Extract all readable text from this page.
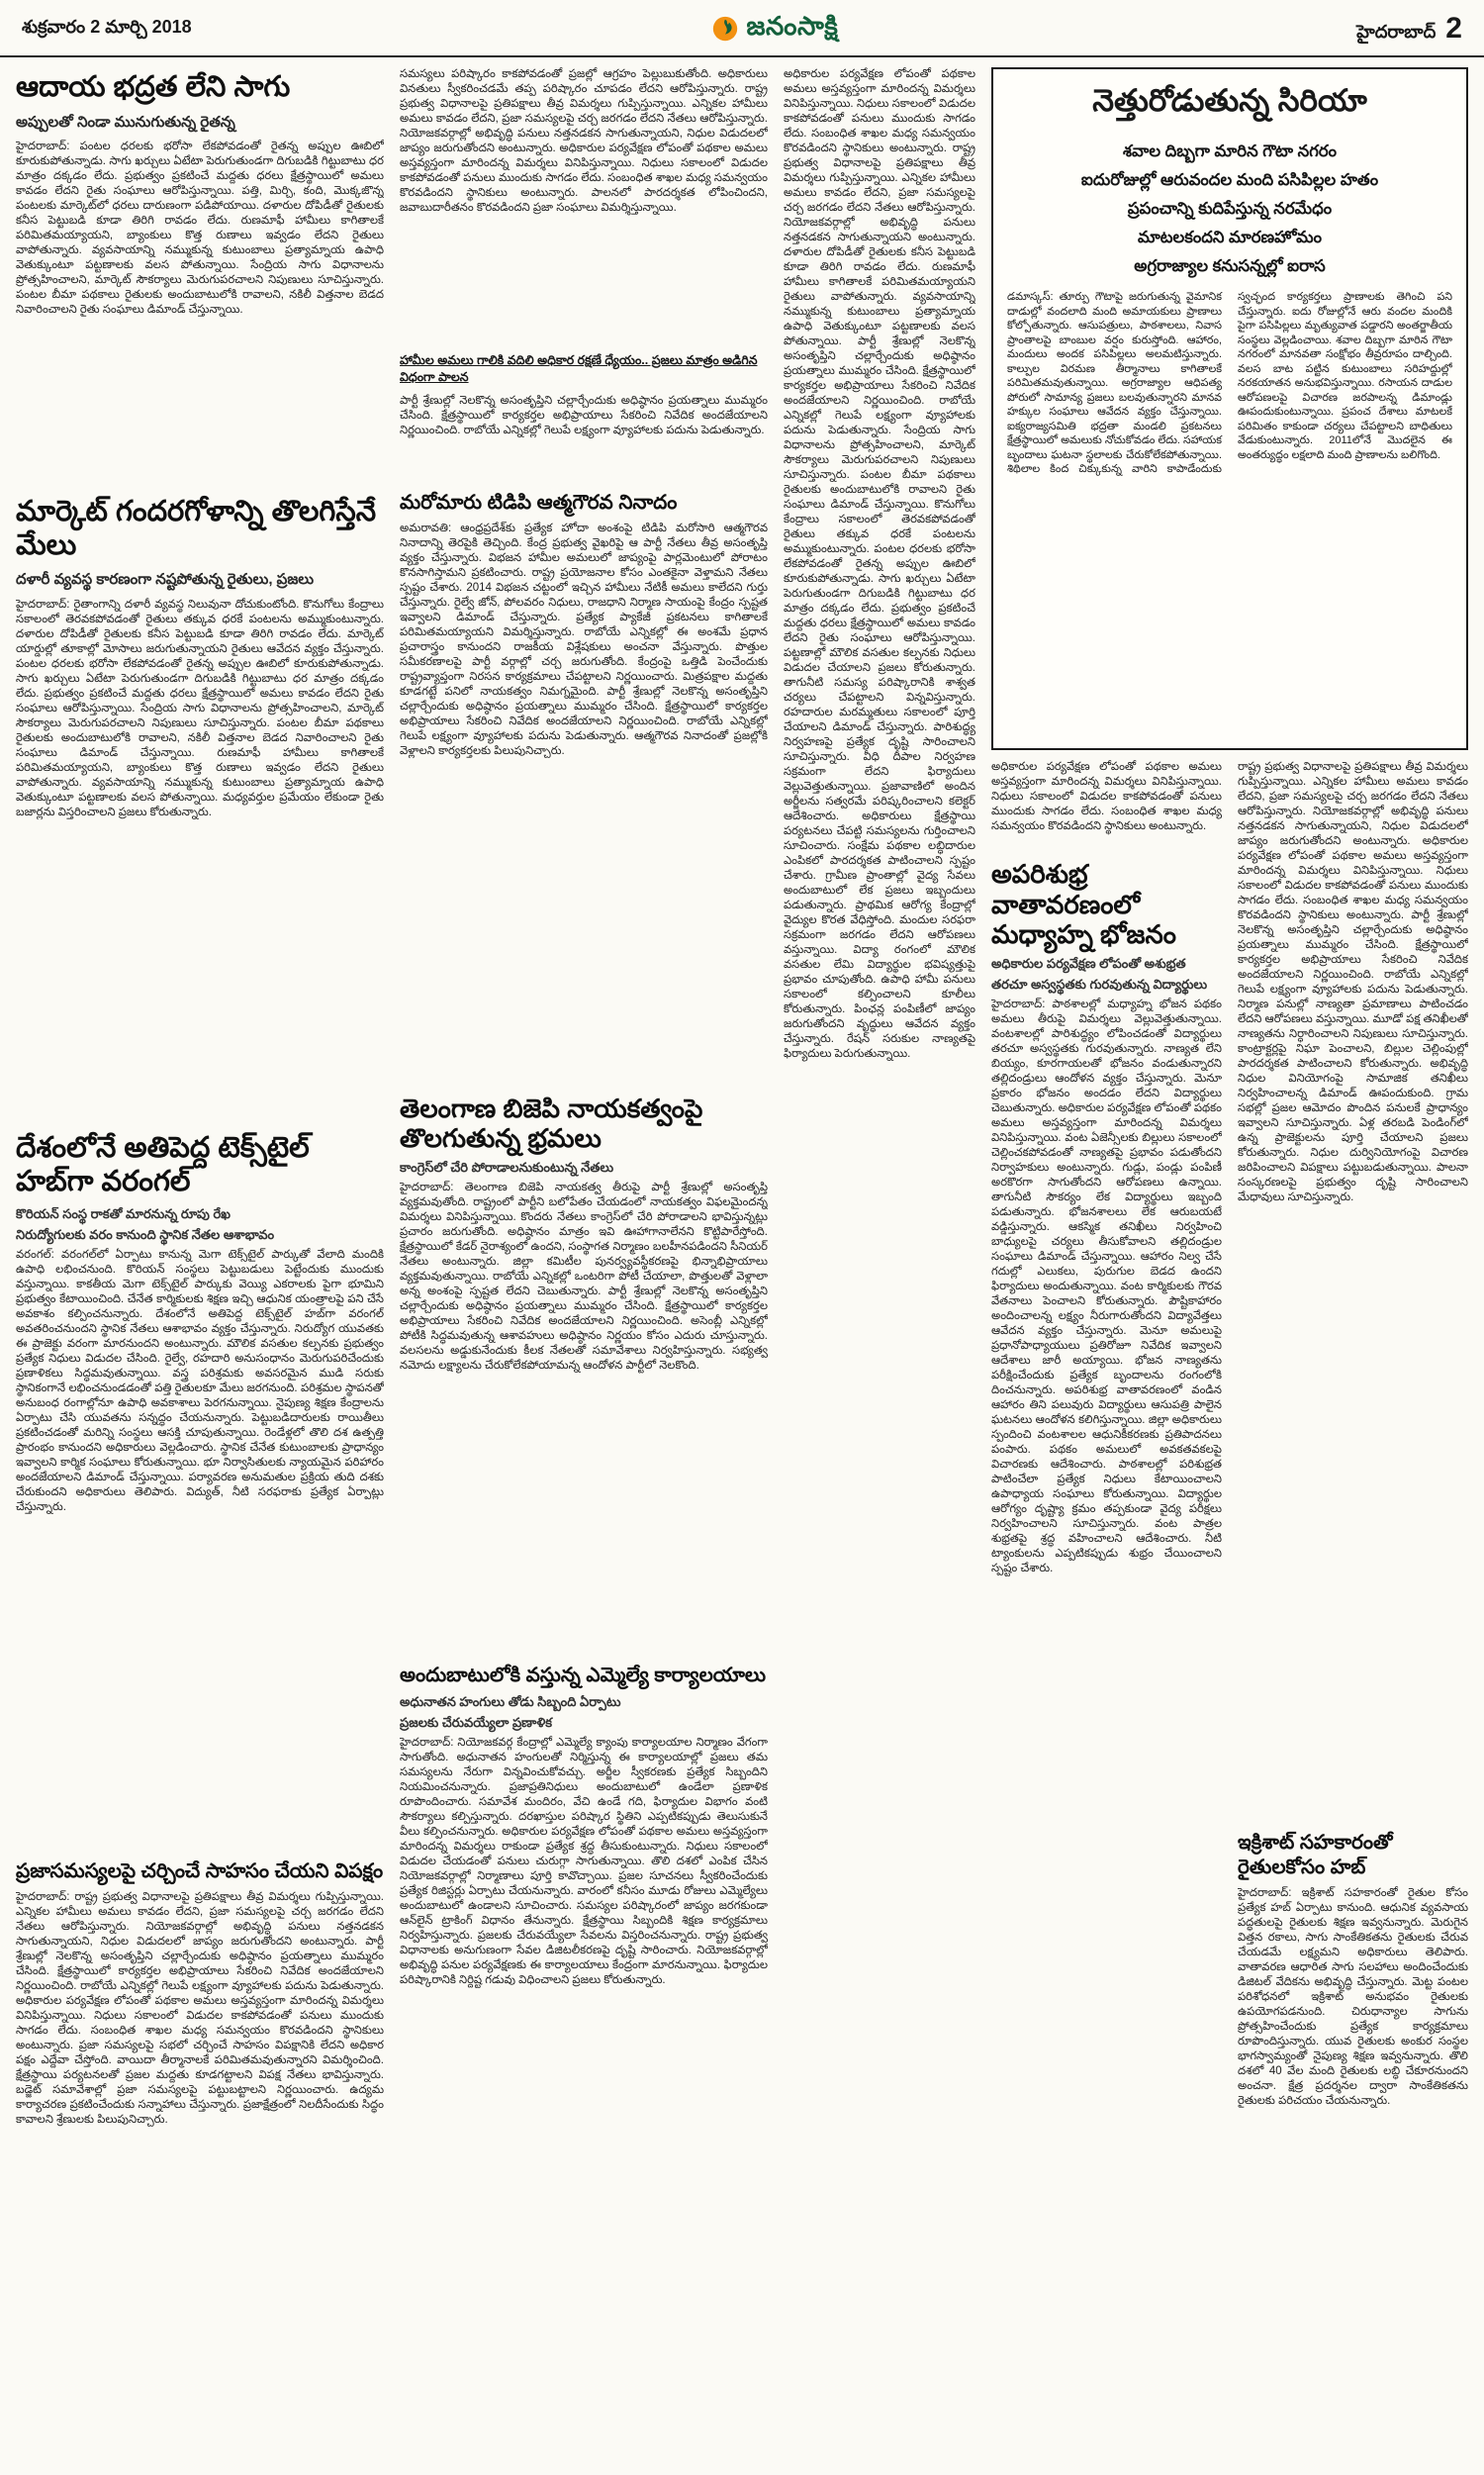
శుక్రవారం 2 మార్చి 2018	జనంసాక్షి	హైదరాబాద్ 2
ఆదాయ భద్రత లేని సాగు
అప్పులతో నిండా మునుగుతున్న రైతన్న
హైదరాబాద్: పంటల ధరలకు భరోసా లేకపోవడంతో రైతన్న అప్పుల ఊబిలో కూరుకుపోతున్నాడు. సాగు ఖర్చులు ఏటేటా పెరుగుతుండగా దిగుబడికి గిట్టుబాటు ధర మాత్రం దక్కడం లేదు. ప్రభుత్వం ప్రకటించే మద్దతు ధరలు క్షేత్రస్థాయిలో అమలు కావడం లేదని రైతు సంఘాలు ఆరోపిస్తున్నాయి. పత్తి, మిర్చి, కంది, మొక్కజొన్న పంటలకు మార్కెట్‌లో ధరలు దారుణంగా పడిపోయాయి. దళారుల దోపిడీతో రైతులకు కనీస పెట్టుబడి కూడా తిరిగి రావడం లేదు. రుణమాఫీ హామీలు కాగితాలకే పరిమితమయ్యాయని, బ్యాంకులు కొత్త రుణాలు ఇవ్వడం లేదని రైతులు వాపోతున్నారు. వ్యవసాయాన్ని నమ్ముకున్న కుటుంబాలు ప్రత్యామ్నాయ ఉపాధి వెతుక్కుంటూ పట్టణాలకు వలస పోతున్నాయి. సేంద్రియ సాగు విధానాలను ప్రోత్సహించాలని, మార్కెట్ సౌకర్యాలు మెరుగుపరచాలని నిపుణులు సూచిస్తున్నారు. పంటల బీమా పథకాలు రైతులకు అందుబాటులోకి రావాలని, నకిలీ విత్తనాల బెడద నివారించాలని రైతు సంఘాలు డిమాండ్ చేస్తున్నాయి.
మార్కెట్ గందరగోళాన్ని తొలగిస్తేనే మేలు
దళారీ వ్యవస్థ కారణంగా నష్టపోతున్న రైతులు, ప్రజలు
హైదరాబాద్: రైతాంగాన్ని దళారీ వ్యవస్థ నిలువునా దోచుకుంటోంది. కొనుగోలు కేంద్రాలు సకాలంలో తెరవకపోవడంతో రైతులు తక్కువ ధరకే పంటలను అమ్ముకుంటున్నారు. దళారుల దోపిడీతో రైతులకు కనీస పెట్టుబడి కూడా తిరిగి రావడం లేదు. మార్కెట్ యార్డుల్లో తూకాల్లో మోసాలు జరుగుతున్నాయని రైతులు ఆవేదన వ్యక్తం చేస్తున్నారు. పంటల ధరలకు భరోసా లేకపోవడంతో రైతన్న అప్పుల ఊబిలో కూరుకుపోతున్నాడు. సాగు ఖర్చులు ఏటేటా పెరుగుతుండగా దిగుబడికి గిట్టుబాటు ధర మాత్రం దక్కడం లేదు. ప్రభుత్వం ప్రకటించే మద్దతు ధరలు క్షేత్రస్థాయిలో అమలు కావడం లేదని రైతు సంఘాలు ఆరోపిస్తున్నాయి. సేంద్రియ సాగు విధానాలను ప్రోత్సహించాలని, మార్కెట్ సౌకర్యాలు మెరుగుపరచాలని నిపుణులు సూచిస్తున్నారు. పంటల బీమా పథకాలు రైతులకు అందుబాటులోకి రావాలని, నకిలీ విత్తనాల బెడద నివారించాలని రైతు సంఘాలు డిమాండ్ చేస్తున్నాయి. రుణమాఫీ హామీలు కాగితాలకే పరిమితమయ్యాయని, బ్యాంకులు కొత్త రుణాలు ఇవ్వడం లేదని రైతులు వాపోతున్నారు. వ్యవసాయాన్ని నమ్ముకున్న కుటుంబాలు ప్రత్యామ్నాయ ఉపాధి వెతుక్కుంటూ పట్టణాలకు వలస పోతున్నాయి. మధ్యవర్తుల ప్రమేయం లేకుండా రైతు బజార్లను విస్తరించాలని ప్రజలు కోరుతున్నారు.
దేశంలోనే అతిపెద్ద టెక్స్‌టైల్ హబ్‌గా వరంగల్
కొరియన్ సంస్థ రాకతో మారనున్న రూపు రేఖ
నిరుద్యోగులకు వరం కానుంది స్థానిక నేతల ఆశాభావం
వరంగల్: వరంగల్‌లో ఏర్పాటు కానున్న మెగా టెక్స్‌టైల్ పార్కుతో వేలాది మందికి ఉపాధి లభించనుంది. కొరియన్ సంస్థలు పెట్టుబడులు పెట్టేందుకు ముందుకు వస్తున్నాయి. కాకతీయ మెగా టెక్స్‌టైల్ పార్కుకు వెయ్యి ఎకరాలకు పైగా భూమిని ప్రభుత్వం కేటాయించింది. చేనేత కార్మికులకు శిక్షణ ఇచ్చి ఆధునిక యంత్రాలపై పని చేసే అవకాశం కల్పించనున్నారు. దేశంలోనే అతిపెద్ద టెక్స్‌టైల్ హబ్‌గా వరంగల్ అవతరించనుందని స్థానిక నేతలు ఆశాభావం వ్యక్తం చేస్తున్నారు. నిరుద్యోగ యువతకు ఈ ప్రాజెక్టు వరంగా మారనుందని అంటున్నారు. మౌలిక వసతుల కల్పనకు ప్రభుత్వం ప్రత్యేక నిధులు విడుదల చేసింది. రైల్వే, రహదారి అనుసంధానం మెరుగుపరిచేందుకు ప్రణాళికలు సిద్ధమవుతున్నాయి. వస్త్ర పరిశ్రమకు అవసరమైన ముడి సరుకు స్థానికంగానే లభించనుండడంతో పత్తి రైతులకూ మేలు జరగనుంది. పరిశ్రమల స్థాపనతో అనుబంధ రంగాల్లోనూ ఉపాధి అవకాశాలు పెరగనున్నాయి. నైపుణ్య శిక్షణ కేంద్రాలను ఏర్పాటు చేసి యువతను సన్నద్ధం చేయనున్నారు. పెట్టుబడిదారులకు రాయితీలు ప్రకటించడంతో మరిన్ని సంస్థలు ఆసక్తి చూపుతున్నాయి. రెండేళ్లలో తొలి దశ ఉత్పత్తి ప్రారంభం కానుందని అధికారులు వెల్లడించారు. స్థానిక చేనేత కుటుంబాలకు ప్రాధాన్యం ఇవ్వాలని కార్మిక సంఘాలు కోరుతున్నాయి. భూ నిర్వాసితులకు న్యాయమైన పరిహారం అందజేయాలని డిమాండ్ చేస్తున్నాయి. పర్యావరణ అనుమతుల ప్రక్రియ తుది దశకు చేరుకుందని అధికారులు తెలిపారు. విద్యుత్, నీటి సరఫరాకు ప్రత్యేక ఏర్పాట్లు చేస్తున్నారు.
ప్రజాసమస్యలపై చర్చించే సాహసం చేయని విపక్షం
హైదరాబాద్: రాష్ట్ర ప్రభుత్వ విధానాలపై ప్రతిపక్షాలు తీవ్ర విమర్శలు గుప్పిస్తున్నాయి. ఎన్నికల హామీలు అమలు కావడం లేదని, ప్రజా సమస్యలపై చర్చ జరగడం లేదని నేతలు ఆరోపిస్తున్నారు. నియోజకవర్గాల్లో అభివృద్ధి పనులు నత్తనడకన సాగుతున్నాయని, నిధుల విడుదలలో జాప్యం జరుగుతోందని అంటున్నారు. పార్టీ శ్రేణుల్లో నెలకొన్న అసంతృప్తిని చల్లార్చేందుకు అధిష్ఠానం ప్రయత్నాలు ముమ్మరం చేసింది. క్షేత్రస్థాయిలో కార్యకర్తల అభిప్రాయాలు సేకరించి నివేదిక అందజేయాలని నిర్ణయించింది. రాబోయే ఎన్నికల్లో గెలుపే లక్ష్యంగా వ్యూహాలకు పదును పెడుతున్నారు. అధికారుల పర్యవేక్షణ లోపంతో పథకాల అమలు అస్తవ్యస్తంగా మారిందన్న విమర్శలు వినిపిస్తున్నాయి. నిధులు సకాలంలో విడుదల కాకపోవడంతో పనులు ముందుకు సాగడం లేదు. సంబంధిత శాఖల మధ్య సమన్వయం కొరవడిందని స్థానికులు అంటున్నారు. ప్రజా సమస్యలపై సభలో చర్చించే సాహసం విపక్షానికి లేదని అధికార పక్షం ఎద్దేవా చేస్తోంది. వాయిదా తీర్మానాలకే పరిమితమవుతున్నారని విమర్శించింది. క్షేత్రస్థాయి పర్యటనలతో ప్రజల మద్దతు కూడగట్టాలని విపక్ష నేతలు భావిస్తున్నారు. బడ్జెట్ సమావేశాల్లో ప్రజా సమస్యలపై పట్టుబట్టాలని నిర్ణయించారు. ఉద్యమ కార్యాచరణ ప్రకటించేందుకు సన్నాహాలు చేస్తున్నారు. ప్రజాక్షేత్రంలో నిలదీసేందుకు సిద్ధం కావాలని శ్రేణులకు పిలుపునిచ్చారు.
సమస్యలు పరిష్కారం కాకపోవడంతో ప్రజల్లో ఆగ్రహం పెల్లుబుకుతోంది. అధికారులు వినతులు స్వీకరించడమే తప్ప పరిష్కారం చూపడం లేదని ఆరోపిస్తున్నారు. రాష్ట్ర ప్రభుత్వ విధానాలపై ప్రతిపక్షాలు తీవ్ర విమర్శలు గుప్పిస్తున్నాయి. ఎన్నికల హామీలు అమలు కావడం లేదని, ప్రజా సమస్యలపై చర్చ జరగడం లేదని నేతలు ఆరోపిస్తున్నారు. నియోజకవర్గాల్లో అభివృద్ధి పనులు నత్తనడకన సాగుతున్నాయని, నిధుల విడుదలలో జాప్యం జరుగుతోందని అంటున్నారు. అధికారుల పర్యవేక్షణ లోపంతో పథకాల అమలు అస్తవ్యస్తంగా మారిందన్న విమర్శలు వినిపిస్తున్నాయి. నిధులు సకాలంలో విడుదల కాకపోవడంతో పనులు ముందుకు సాగడం లేదు. సంబంధిత శాఖల మధ్య సమన్వయం కొరవడిందని స్థానికులు అంటున్నారు. పాలనలో పారదర్శకత లోపించిందని, జవాబుదారీతనం కొరవడిందని ప్రజా సంఘాలు విమర్శిస్తున్నాయి.
హామీల అమలు గాలికి వదిలి అధికార రక్షణే ధ్యేయం.. ప్రజలు మాత్రం అడిగిన విధంగా పాలన
పార్టీ శ్రేణుల్లో నెలకొన్న అసంతృప్తిని చల్లార్చేందుకు అధిష్ఠానం ప్రయత్నాలు ముమ్మరం చేసింది. క్షేత్రస్థాయిలో కార్యకర్తల అభిప్రాయాలు సేకరించి నివేదిక అందజేయాలని నిర్ణయించింది. రాబోయే ఎన్నికల్లో గెలుపే లక్ష్యంగా వ్యూహాలకు పదును పెడుతున్నారు.
మరోమారు టిడిపి ఆత్మగౌరవ నినాదం
అమరావతి: ఆంధ్రప్రదేశ్‌కు ప్రత్యేక హోదా అంశంపై టిడిపి మరోసారి ఆత్మగౌరవ నినాదాన్ని తెరపైకి తెచ్చింది. కేంద్ర ప్రభుత్వ వైఖరిపై ఆ పార్టీ నేతలు తీవ్ర అసంతృప్తి వ్యక్తం చేస్తున్నారు. విభజన హామీల అమలులో జాప్యంపై పార్లమెంటులో పోరాటం కొనసాగిస్తామని ప్రకటించారు. రాష్ట్ర ప్రయోజనాల కోసం ఎంతకైనా వెళ్తామని నేతలు స్పష్టం చేశారు. 2014 విభజన చట్టంలో ఇచ్చిన హామీలు నేటికీ అమలు కాలేదని గుర్తు చేస్తున్నారు. రైల్వే జోన్, పోలవరం నిధులు, రాజధాని నిర్మాణ సాయంపై కేంద్రం స్పష్టత ఇవ్వాలని డిమాండ్ చేస్తున్నారు. ప్రత్యేక ప్యాకేజీ ప్రకటనలు కాగితాలకే పరిమితమయ్యాయని విమర్శిస్తున్నారు. రాబోయే ఎన్నికల్లో ఈ అంశమే ప్రధాన ప్రచారాస్త్రం కానుందని రాజకీయ విశ్లేషకులు అంచనా వేస్తున్నారు. పొత్తుల సమీకరణాలపై పార్టీ వర్గాల్లో చర్చ జరుగుతోంది. కేంద్రంపై ఒత్తిడి పెంచేందుకు రాష్ట్రవ్యాప్తంగా నిరసన కార్యక్రమాలు చేపట్టాలని నిర్ణయించారు. మిత్రపక్షాల మద్దతు కూడగట్టే పనిలో నాయకత్వం నిమగ్నమైంది. పార్టీ శ్రేణుల్లో నెలకొన్న అసంతృప్తిని చల్లార్చేందుకు అధిష్ఠానం ప్రయత్నాలు ముమ్మరం చేసింది. క్షేత్రస్థాయిలో కార్యకర్తల అభిప్రాయాలు సేకరించి నివేదిక అందజేయాలని నిర్ణయించింది. రాబోయే ఎన్నికల్లో గెలుపే లక్ష్యంగా వ్యూహాలకు పదును పెడుతున్నారు. ఆత్మగౌరవ నినాదంతో ప్రజల్లోకి వెళ్లాలని కార్యకర్తలకు పిలుపునిచ్చారు.
తెలంగాణ బిజెపి నాయకత్వంపై తొలగుతున్న భ్రమలు
కాంగ్రెస్‌లో చేరి పోరాడాలనుకుంటున్న నేతలు
హైదరాబాద్: తెలంగాణ బిజెపి నాయకత్వ తీరుపై పార్టీ శ్రేణుల్లో అసంతృప్తి వ్యక్తమవుతోంది. రాష్ట్రంలో పార్టీని బలోపేతం చేయడంలో నాయకత్వం విఫలమైందన్న విమర్శలు వినిపిస్తున్నాయి. కొందరు నేతలు కాంగ్రెస్‌లో చేరి పోరాడాలని భావిస్తున్నట్లు ప్రచారం జరుగుతోంది. అధిష్ఠానం మాత్రం ఇవి ఊహాగానాలేనని కొట్టిపారేస్తోంది. క్షేత్రస్థాయిలో కేడర్ నైరాశ్యంలో ఉందని, సంస్థాగత నిర్మాణం బలహీనపడిందని సీనియర్ నేతలు అంటున్నారు. జిల్లా కమిటీల పునర్వ్యవస్థీకరణపై భిన్నాభిప్రాయాలు వ్యక్తమవుతున్నాయి. రాబోయే ఎన్నికల్లో ఒంటరిగా పోటీ చేయాలా, పొత్తులతో వెళ్లాలా అన్న అంశంపై స్పష్టత లేదని చెబుతున్నారు. పార్టీ శ్రేణుల్లో నెలకొన్న అసంతృప్తిని చల్లార్చేందుకు అధిష్ఠానం ప్రయత్నాలు ముమ్మరం చేసింది. క్షేత్రస్థాయిలో కార్యకర్తల అభిప్రాయాలు సేకరించి నివేదిక అందజేయాలని నిర్ణయించింది. అసెంబ్లీ ఎన్నికల్లో పోటీకి సిద్ధమవుతున్న ఆశావహులు అధిష్ఠానం నిర్ణయం కోసం ఎదురు చూస్తున్నారు. వలసలను అడ్డుకునేందుకు కీలక నేతలతో సమావేశాలు నిర్వహిస్తున్నారు. సభ్యత్వ నమోదు లక్ష్యాలను చేరుకోలేకపోయామన్న ఆందోళన పార్టీలో నెలకొంది.
అందుబాటులోకి వస్తున్న ఎమ్మెల్యే కార్యాలయాలు
అధునాతన హంగులు తోడు సిబ్బంది ఏర్పాటు
ప్రజలకు చేరువయ్యేలా ప్రణాళిక
హైదరాబాద్: నియోజకవర్గ కేంద్రాల్లో ఎమ్మెల్యే క్యాంపు కార్యాలయాల నిర్మాణం వేగంగా సాగుతోంది. అధునాతన హంగులతో నిర్మిస్తున్న ఈ కార్యాలయాల్లో ప్రజలు తమ సమస్యలను నేరుగా విన్నవించుకోవచ్చు. అర్జీల స్వీకరణకు ప్రత్యేక సిబ్బందిని నియమించనున్నారు. ప్రజాప్రతినిధులు అందుబాటులో ఉండేలా ప్రణాళిక రూపొందించారు. సమావేశ మందిరం, వేచి ఉండే గది, ఫిర్యాదుల విభాగం వంటి సౌకర్యాలు కల్పిస్తున్నారు. దరఖాస్తుల పరిష్కార స్థితిని ఎప్పటికప్పుడు తెలుసుకునే వీలు కల్పించనున్నారు. అధికారుల పర్యవేక్షణ లోపంతో పథకాల అమలు అస్తవ్యస్తంగా మారిందన్న విమర్శలు రాకుండా ప్రత్యేక శ్రద్ధ తీసుకుంటున్నారు. నిధులు సకాలంలో విడుదల చేయడంతో పనులు చురుగ్గా సాగుతున్నాయి. తొలి దశలో ఎంపిక చేసిన నియోజకవర్గాల్లో నిర్మాణాలు పూర్తి కావొచ్చాయి. ప్రజల సూచనలు స్వీకరించేందుకు ప్రత్యేక రిజిస్టర్లు ఏర్పాటు చేయనున్నారు. వారంలో కనీసం మూడు రోజులు ఎమ్మెల్యేలు అందుబాటులో ఉండాలని సూచించారు. సమస్యల పరిష్కారంలో జాప్యం జరగకుండా ఆన్‌లైన్ ట్రాకింగ్ విధానం తేనున్నారు. క్షేత్రస్థాయి సిబ్బందికి శిక్షణ కార్యక్రమాలు నిర్వహిస్తున్నారు. ప్రజలకు చేరువయ్యేలా సేవలను విస్తరించనున్నారు. రాష్ట్ర ప్రభుత్వ విధానాలకు అనుగుణంగా సేవల డిజిటలీకరణపై దృష్టి సారించారు. నియోజకవర్గాల్లో అభివృద్ధి పనుల పర్యవేక్షణకు ఈ కార్యాలయాలు కేంద్రంగా మారనున్నాయి. ఫిర్యాదుల పరిష్కారానికి నిర్దిష్ట గడువు విధించాలని ప్రజలు కోరుతున్నారు.
అధికారుల పర్యవేక్షణ లోపంతో పథకాల అమలు అస్తవ్యస్తంగా మారిందన్న విమర్శలు వినిపిస్తున్నాయి. నిధులు సకాలంలో విడుదల కాకపోవడంతో పనులు ముందుకు సాగడం లేదు. సంబంధిత శాఖల మధ్య సమన్వయం కొరవడిందని స్థానికులు అంటున్నారు. రాష్ట్ర ప్రభుత్వ విధానాలపై ప్రతిపక్షాలు తీవ్ర విమర్శలు గుప్పిస్తున్నాయి. ఎన్నికల హామీలు అమలు కావడం లేదని, ప్రజా సమస్యలపై చర్చ జరగడం లేదని నేతలు ఆరోపిస్తున్నారు. నియోజకవర్గాల్లో అభివృద్ధి పనులు నత్తనడకన సాగుతున్నాయని అంటున్నారు. దళారుల దోపిడీతో రైతులకు కనీస పెట్టుబడి కూడా తిరిగి రావడం లేదు. రుణమాఫీ హామీలు కాగితాలకే పరిమితమయ్యాయని రైతులు వాపోతున్నారు. వ్యవసాయాన్ని నమ్ముకున్న కుటుంబాలు ప్రత్యామ్నాయ ఉపాధి వెతుక్కుంటూ పట్టణాలకు వలస పోతున్నాయి. పార్టీ శ్రేణుల్లో నెలకొన్న అసంతృప్తిని చల్లార్చేందుకు అధిష్ఠానం ప్రయత్నాలు ముమ్మరం చేసింది. క్షేత్రస్థాయిలో కార్యకర్తల అభిప్రాయాలు సేకరించి నివేదిక అందజేయాలని నిర్ణయించింది. రాబోయే ఎన్నికల్లో గెలుపే లక్ష్యంగా వ్యూహాలకు పదును పెడుతున్నారు. సేంద్రియ సాగు విధానాలను ప్రోత్సహించాలని, మార్కెట్ సౌకర్యాలు మెరుగుపరచాలని నిపుణులు సూచిస్తున్నారు. పంటల బీమా పథకాలు రైతులకు అందుబాటులోకి రావాలని రైతు సంఘాలు డిమాండ్ చేస్తున్నాయి. కొనుగోలు కేంద్రాలు సకాలంలో తెరవకపోవడంతో రైతులు తక్కువ ధరకే పంటలను అమ్ముకుంటున్నారు. పంటల ధరలకు భరోసా లేకపోవడంతో రైతన్న అప్పుల ఊబిలో కూరుకుపోతున్నాడు. సాగు ఖర్చులు ఏటేటా పెరుగుతుండగా దిగుబడికి గిట్టుబాటు ధర మాత్రం దక్కడం లేదు. ప్రభుత్వం ప్రకటించే మద్దతు ధరలు క్షేత్రస్థాయిలో అమలు కావడం లేదని రైతు సంఘాలు ఆరోపిస్తున్నాయి. పట్టణాల్లో మౌలిక వసతుల కల్పనకు నిధులు విడుదల చేయాలని ప్రజలు కోరుతున్నారు. తాగునీటి సమస్య పరిష్కారానికి శాశ్వత చర్యలు చేపట్టాలని విన్నవిస్తున్నారు. రహదారుల మరమ్మతులు సకాలంలో పూర్తి చేయాలని డిమాండ్ చేస్తున్నారు. పారిశుద్ధ్య నిర్వహణపై ప్రత్యేక దృష్టి సారించాలని సూచిస్తున్నారు. వీధి దీపాల నిర్వహణ సక్రమంగా లేదని ఫిర్యాదులు వెల్లువెత్తుతున్నాయి. ప్రజావాణిలో అందిన అర్జీలను సత్వరమే పరిష్కరించాలని కలెక్టర్ ఆదేశించారు. అధికారులు క్షేత్రస్థాయి పర్యటనలు చేపట్టి సమస్యలను గుర్తించాలని సూచించారు. సంక్షేమ పథకాల లబ్ధిదారుల ఎంపికలో పారదర్శకత పాటించాలని స్పష్టం చేశారు. గ్రామీణ ప్రాంతాల్లో వైద్య సేవలు అందుబాటులో లేక ప్రజలు ఇబ్బందులు పడుతున్నారు. ప్రాథమిక ఆరోగ్య కేంద్రాల్లో వైద్యుల కొరత వేధిస్తోంది. మందుల సరఫరా సక్రమంగా జరగడం లేదని ఆరోపణలు వస్తున్నాయి. విద్యా రంగంలో మౌలిక వసతుల లేమి విద్యార్థుల భవిష్యత్తుపై ప్రభావం చూపుతోంది. ఉపాధి హామీ పనులు సకాలంలో కల్పించాలని కూలీలు కోరుతున్నారు. పింఛన్ల పంపిణీలో జాప్యం జరుగుతోందని వృద్ధులు ఆవేదన వ్యక్తం చేస్తున్నారు. రేషన్ సరుకుల నాణ్యతపై ఫిర్యాదులు పెరుగుతున్నాయి.
నెత్తురోడుతున్న సిరియా
శవాల దిబ్బగా మారిన గౌటా నగరం
ఐదురోజుల్లో ఆరువందల మంది పసిపిల్లల హతం
ప్రపంచాన్ని కుదిపేస్తున్న నరమేధం
మాటలకందని మారణహోమం
అగ్రరాజ్యాల కనుసన్నల్లో ఐరాస
డమాస్కస్: తూర్పు గౌటాపై జరుగుతున్న వైమానిక దాడుల్లో వందలాది మంది అమాయకులు ప్రాణాలు కోల్పోతున్నారు. ఆసుపత్రులు, పాఠశాలలు, నివాస ప్రాంతాలపై బాంబుల వర్షం కురుస్తోంది. ఆహారం, మందులు అందక పసిపిల్లలు అలమటిస్తున్నారు. కాల్పుల విరమణ తీర్మానాలు కాగితాలకే పరిమితమవుతున్నాయి. అగ్రరాజ్యాల ఆధిపత్య పోరులో సామాన్య ప్రజలు బలవుతున్నారని మానవ హక్కుల సంఘాలు ఆవేదన వ్యక్తం చేస్తున్నాయి. ఐక్యరాజ్యసమితి భద్రతా మండలి ప్రకటనలు క్షేత్రస్థాయిలో అమలుకు నోచుకోవడం లేదు. సహాయక బృందాలు ఘటనా స్థలాలకు చేరుకోలేకపోతున్నాయి. శిథిలాల కింద చిక్కుకున్న వారిని కాపాడేందుకు స్వచ్ఛంద కార్యకర్తలు ప్రాణాలకు తెగించి పని చేస్తున్నారు. ఐదు రోజుల్లోనే ఆరు వందల మందికి పైగా పసిపిల్లలు మృత్యువాత పడ్డారని అంతర్జాతీయ సంస్థలు వెల్లడించాయి. శవాల దిబ్బగా మారిన గౌటా నగరంలో మానవతా సంక్షోభం తీవ్రరూపం దాల్చింది. వలస బాట పట్టిన కుటుంబాలు సరిహద్దుల్లో నరకయాతన అనుభవిస్తున్నాయి. రసాయన దాడుల ఆరోపణలపై విచారణ జరపాలన్న డిమాండ్లు ఊపందుకుంటున్నాయి. ప్రపంచ దేశాలు మాటలకే పరిమితం కాకుండా చర్యలు చేపట్టాలని బాధితులు వేడుకుంటున్నారు. 2011లోనే మొదలైన ఈ అంతర్యుద్ధం లక్షలాది మంది ప్రాణాలను బలిగొంది.
అధికారుల పర్యవేక్షణ లోపంతో పథకాల అమలు అస్తవ్యస్తంగా మారిందన్న విమర్శలు వినిపిస్తున్నాయి. నిధులు సకాలంలో విడుదల కాకపోవడంతో పనులు ముందుకు సాగడం లేదు. సంబంధిత శాఖల మధ్య సమన్వయం కొరవడిందని స్థానికులు అంటున్నారు.
అపరిశుభ్ర వాతావరణంలో మధ్యాహ్న భోజనం
అధికారుల పర్యవేక్షణ లోపంతో అశుభ్రత
తరచూ అస్వస్థతకు గురవుతున్న విద్యార్థులు
హైదరాబాద్: పాఠశాలల్లో మధ్యాహ్న భోజన పథకం అమలు తీరుపై విమర్శలు వెల్లువెత్తుతున్నాయి. వంటశాలల్లో పారిశుద్ధ్యం లోపించడంతో విద్యార్థులు తరచూ అస్వస్థతకు గురవుతున్నారు. నాణ్యత లేని బియ్యం, కూరగాయలతో భోజనం వండుతున్నారని తల్లిదండ్రులు ఆందోళన వ్యక్తం చేస్తున్నారు. మెనూ ప్రకారం భోజనం అందడం లేదని విద్యార్థులు చెబుతున్నారు. అధికారుల పర్యవేక్షణ లోపంతో పథకం అమలు అస్తవ్యస్తంగా మారిందన్న విమర్శలు వినిపిస్తున్నాయి. వంట ఏజెన్సీలకు బిల్లులు సకాలంలో చెల్లించకపోవడంతో నాణ్యతపై ప్రభావం పడుతోందని నిర్వాహకులు అంటున్నారు. గుడ్లు, పండ్లు పంపిణీ అరకొరగా సాగుతోందని ఆరోపణలు ఉన్నాయి. తాగునీటి సౌకర్యం లేక విద్యార్థులు ఇబ్బంది పడుతున్నారు. భోజనశాలలు లేక ఆరుబయటే వడ్డిస్తున్నారు. ఆకస్మిక తనిఖీలు నిర్వహించి బాధ్యులపై చర్యలు తీసుకోవాలని తల్లిదండ్రుల సంఘాలు డిమాండ్ చేస్తున్నాయి. ఆహారం నిల్వ చేసే గదుల్లో ఎలుకలు, పురుగుల బెడద ఉందని ఫిర్యాదులు అందుతున్నాయి. వంట కార్మికులకు గౌరవ వేతనాలు పెంచాలని కోరుతున్నారు. పౌష్టికాహారం అందించాలన్న లక్ష్యం నీరుగారుతోందని విద్యావేత్తలు ఆవేదన వ్యక్తం చేస్తున్నారు. మెనూ అమలుపై ప్రధానోపాధ్యాయులు ప్రతిరోజూ నివేదిక ఇవ్వాలని ఆదేశాలు జారీ అయ్యాయి. భోజన నాణ్యతను పరీక్షించేందుకు ప్రత్యేక బృందాలను రంగంలోకి దించనున్నారు. అపరిశుభ్ర వాతావరణంలో వండిన ఆహారం తిని పలువురు విద్యార్థులు ఆసుపత్రి పాలైన ఘటనలు ఆందోళన కలిగిస్తున్నాయి. జిల్లా అధికారులు స్పందించి వంటశాలల ఆధునికీకరణకు ప్రతిపాదనలు పంపారు. పథకం అమలులో అవకతవకలపై విచారణకు ఆదేశించారు. పాఠశాలల్లో పరిశుభ్రత పాటించేలా ప్రత్యేక నిధులు కేటాయించాలని ఉపాధ్యాయ సంఘాలు కోరుతున్నాయి. విద్యార్థుల ఆరోగ్యం దృష్ట్యా క్రమం తప్పకుండా వైద్య పరీక్షలు నిర్వహించాలని సూచిస్తున్నారు. వంట పాత్రల శుభ్రతపై శ్రద్ధ వహించాలని ఆదేశించారు. నీటి ట్యాంకులను ఎప్పటికప్పుడు శుభ్రం చేయించాలని స్పష్టం చేశారు.
రాష్ట్ర ప్రభుత్వ విధానాలపై ప్రతిపక్షాలు తీవ్ర విమర్శలు గుప్పిస్తున్నాయి. ఎన్నికల హామీలు అమలు కావడం లేదని, ప్రజా సమస్యలపై చర్చ జరగడం లేదని నేతలు ఆరోపిస్తున్నారు. నియోజకవర్గాల్లో అభివృద్ధి పనులు నత్తనడకన సాగుతున్నాయని, నిధుల విడుదలలో జాప్యం జరుగుతోందని అంటున్నారు. అధికారుల పర్యవేక్షణ లోపంతో పథకాల అమలు అస్తవ్యస్తంగా మారిందన్న విమర్శలు వినిపిస్తున్నాయి. నిధులు సకాలంలో విడుదల కాకపోవడంతో పనులు ముందుకు సాగడం లేదు. సంబంధిత శాఖల మధ్య సమన్వయం కొరవడిందని స్థానికులు అంటున్నారు. పార్టీ శ్రేణుల్లో నెలకొన్న అసంతృప్తిని చల్లార్చేందుకు అధిష్ఠానం ప్రయత్నాలు ముమ్మరం చేసింది. క్షేత్రస్థాయిలో కార్యకర్తల అభిప్రాయాలు సేకరించి నివేదిక అందజేయాలని నిర్ణయించింది. రాబోయే ఎన్నికల్లో గెలుపే లక్ష్యంగా వ్యూహాలకు పదును పెడుతున్నారు. నిర్మాణ పనుల్లో నాణ్యతా ప్రమాణాలు పాటించడం లేదని ఆరోపణలు వస్తున్నాయి. మూడో పక్ష తనిఖీలతో నాణ్యతను నిర్ధారించాలని నిపుణులు సూచిస్తున్నారు. కాంట్రాక్టర్లపై నిఘా పెంచాలని, బిల్లుల చెల్లింపుల్లో పారదర్శకత పాటించాలని కోరుతున్నారు. అభివృద్ధి నిధుల వినియోగంపై సామాజిక తనిఖీలు నిర్వహించాలన్న డిమాండ్ ఊపందుకుంది. గ్రామ సభల్లో ప్రజల ఆమోదం పొందిన పనులకే ప్రాధాన్యం ఇవ్వాలని సూచిస్తున్నారు. ఏళ్ల తరబడి పెండింగ్‌లో ఉన్న ప్రాజెక్టులను పూర్తి చేయాలని ప్రజలు కోరుతున్నారు. నిధుల దుర్వినియోగంపై విచారణ జరిపించాలని విపక్షాలు పట్టుబడుతున్నాయి. పాలనా సంస్కరణలపై ప్రభుత్వం దృష్టి సారించాలని మేధావులు సూచిస్తున్నారు.
ఇక్రిశాట్ సహకారంతో రైతులకోసం హబ్
హైదరాబాద్: ఇక్రిశాట్ సహకారంతో రైతుల కోసం ప్రత్యేక హబ్ ఏర్పాటు కానుంది. ఆధునిక వ్యవసాయ పద్ధతులపై రైతులకు శిక్షణ ఇవ్వనున్నారు. మెరుగైన విత్తన రకాలు, సాగు సాంకేతికతను రైతులకు చేరువ చేయడమే లక్ష్యమని అధికారులు తెలిపారు. వాతావరణ ఆధారిత సాగు సలహాలు అందించేందుకు డిజిటల్ వేదికను అభివృద్ధి చేస్తున్నారు. మెట్ట పంటల పరిశోధనలో ఇక్రిశాట్ అనుభవం రైతులకు ఉపయోగపడనుంది. చిరుధాన్యాల సాగును ప్రోత్సహించేందుకు ప్రత్యేక కార్యక్రమాలు రూపొందిస్తున్నారు. యువ రైతులకు అంకుర సంస్థల భాగస్వామ్యంతో నైపుణ్య శిక్షణ ఇవ్వనున్నారు. తొలి దశలో 40 వేల మంది రైతులకు లబ్ధి చేకూరనుందని అంచనా. క్షేత్ర ప్రదర్శనల ద్వారా సాంకేతికతను రైతులకు పరిచయం చేయనున్నారు.
